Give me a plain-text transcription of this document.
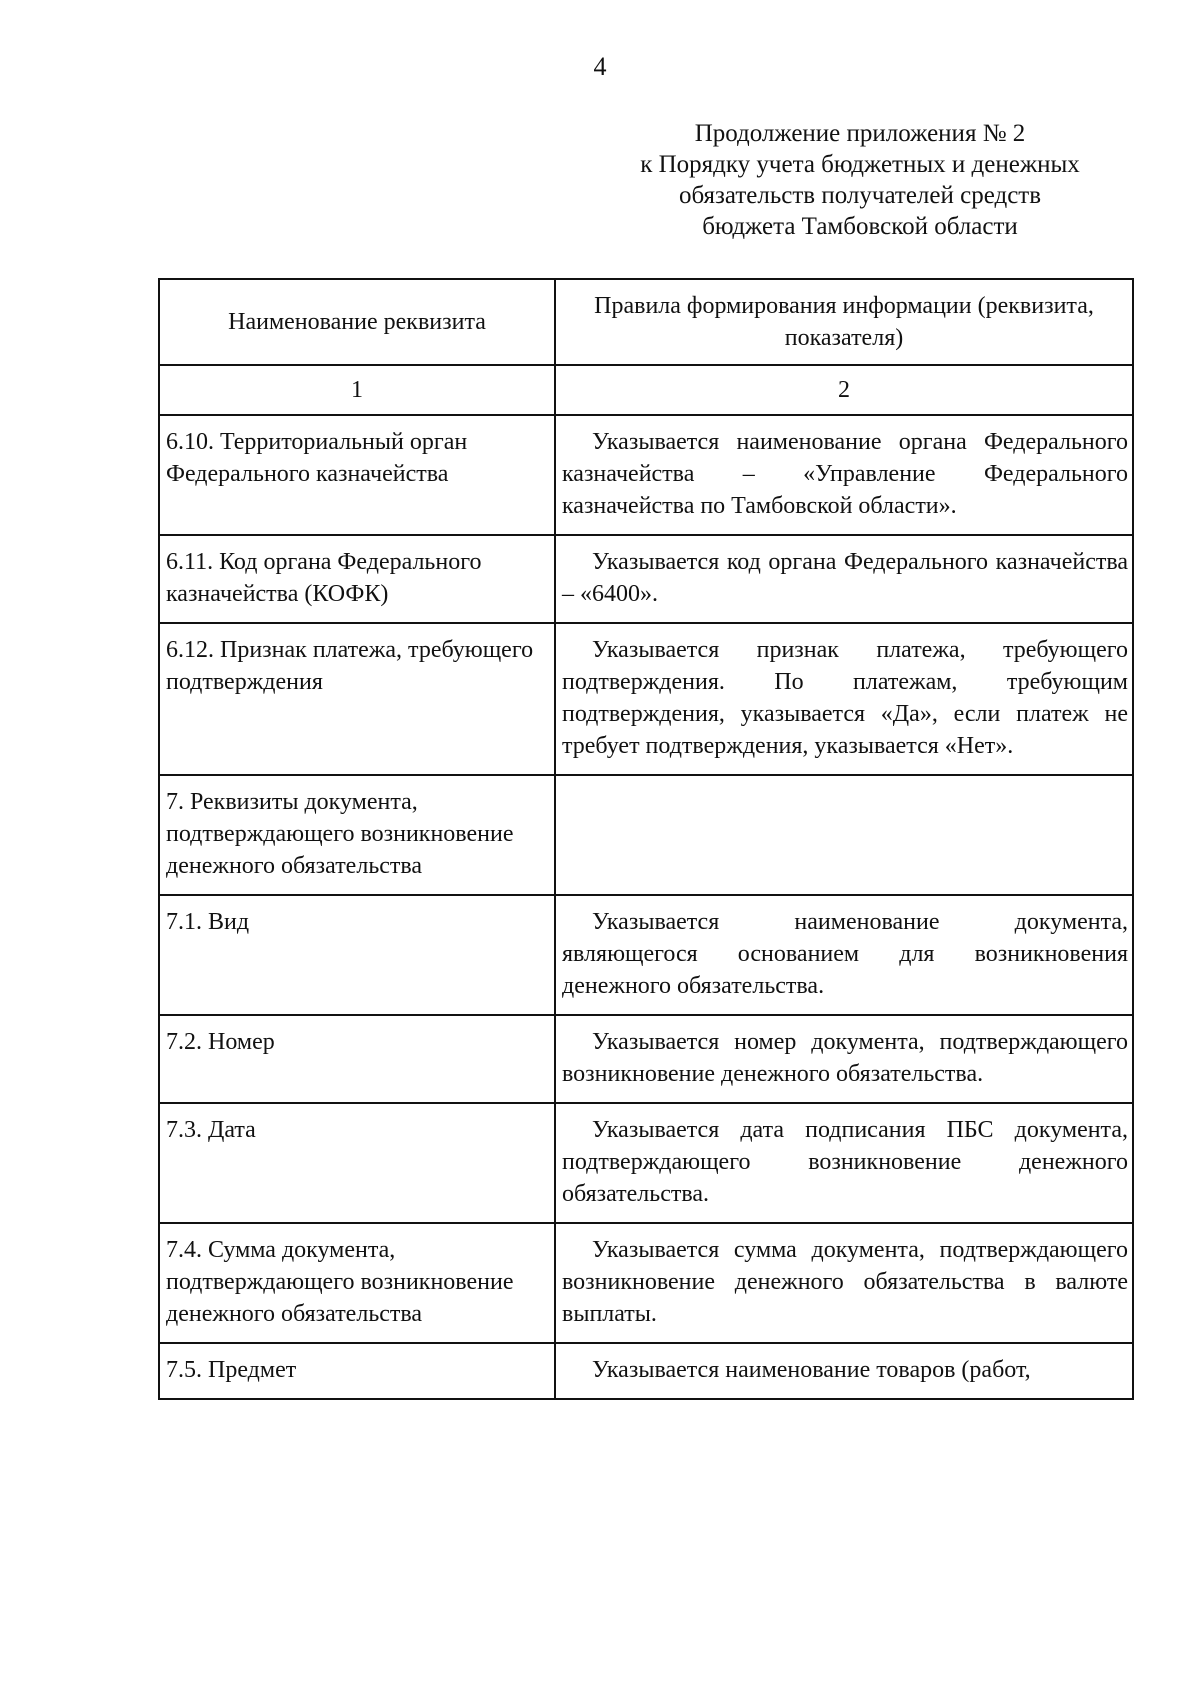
4
Продолжение приложения № 2
к Порядку учета бюджетных и денежных
обязательств получателей средств
бюджета Тамбовской области
Наименование реквизита	Правила формирования информации (реквизита, показателя)
1	2
6.10. Территориальный орган Федерального казначейства	Указывается наименование органа Федерального казначейства – «Управление Федерального казначейства по Тамбовской области».
6.11. Код органа Федерального казначейства (КОФК)	Указывается код органа Федерального казначейства – «6400».
6.12. Признак платежа, требующего подтверждения	Указывается признак платежа, требующего подтверждения. По платежам, требующим подтверждения, указывается «Да», если платеж не требует подтверждения, указывается «Нет».
7. Реквизиты документа, подтверждающего возникновение денежного обязательства	
7.1. Вид	Указывается наименование документа, являющегося основанием для возникновения денежного обязательства.
7.2. Номер	Указывается номер документа, подтверждающего возникновение денежного обязательства.
7.3. Дата	Указывается дата подписания ПБС документа, подтверждающего возникновение денежного обязательства.
7.4. Сумма документа, подтверждающего возникновение денежного обязательства	Указывается сумма документа, подтверждающего возникновение денежного обязательства в валюте выплаты.
7.5. Предмет	Указывается наименование товаров (работ,
